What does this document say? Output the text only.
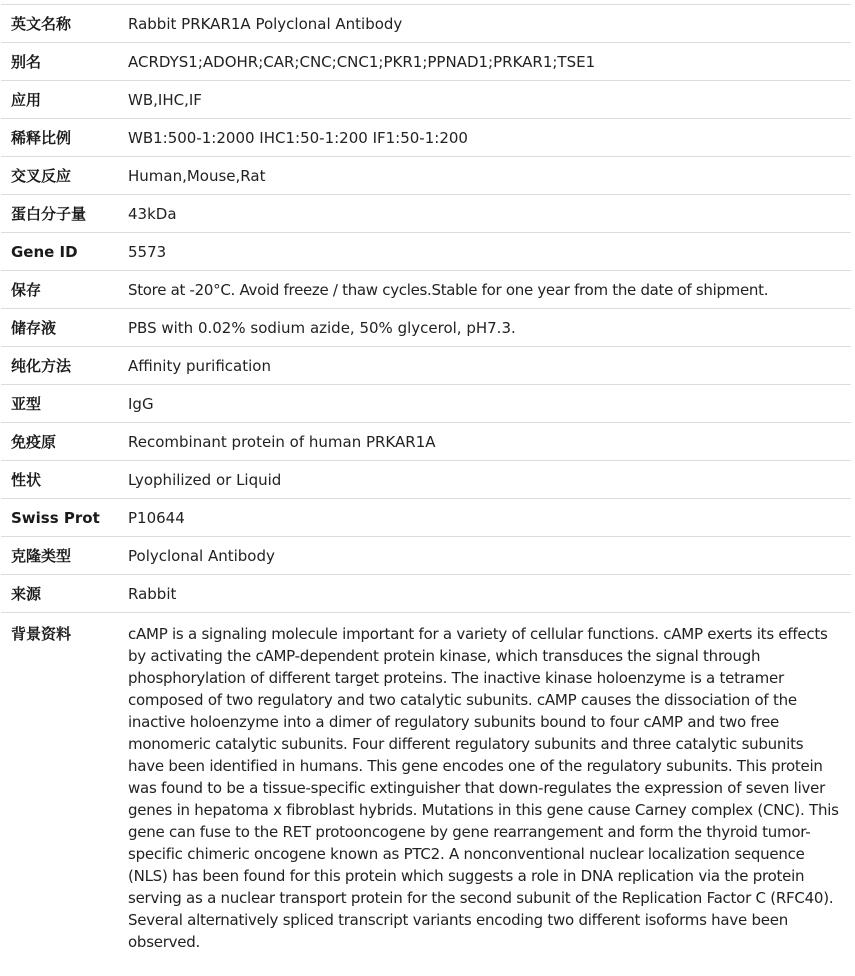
英文名称	Rabbit PRKAR1A Polyclonal Antibody
别名	ACRDYS1;ADOHR;CAR;CNC;CNC1;PKR1;PPNAD1;PRKAR1;TSE1
应用	WB,IHC,IF
稀释比例	WB1:500-1:2000 IHC1:50-1:200 IF1:50-1:200
交叉反应	Human,Mouse,Rat
蛋白分子量	43kDa
Gene ID	5573
保存	Store at -20°C. Avoid freeze / thaw cycles.Stable for one year from the date of shipment.
储存液	PBS with 0.02% sodium azide, 50% glycerol, pH7.3.
纯化方法	Affinity purification
亚型	IgG
免疫原	Recombinant protein of human PRKAR1A
性状	Lyophilized or Liquid
Swiss Prot	P10644
克隆类型	Polyclonal Antibody
来源	Rabbit
背景资料	cAMP is a signaling molecule important for a variety of cellular functions. cAMP exerts its effects by activating the cAMP-dependent protein kinase, which transduces the signal through phosphorylation of different target proteins. The inactive kinase holoenzyme is a tetramer composed of two regulatory and two catalytic subunits. cAMP causes the dissociation of the inactive holoenzyme into a dimer of regulatory subunits bound to four cAMP and two free monomeric catalytic subunits. Four different regulatory subunits and three catalytic subunits have been identified in humans. This gene encodes one of the regulatory subunits. This protein was found to be a tissue-specific extinguisher that down-regulates the expression of seven liver genes in hepatoma x fibroblast hybrids. Mutations in this gene cause Carney complex (CNC). This gene can fuse to the RET protooncogene by gene rearrangement and form the thyroid tumor-specific chimeric oncogene known as PTC2. A nonconventional nuclear localization sequence (NLS) has been found for this protein which suggests a role in DNA replication via the protein serving as a nuclear transport protein for the second subunit of the Replication Factor C (RFC40). Several alternatively spliced transcript variants encoding two different isoforms have been observed.
